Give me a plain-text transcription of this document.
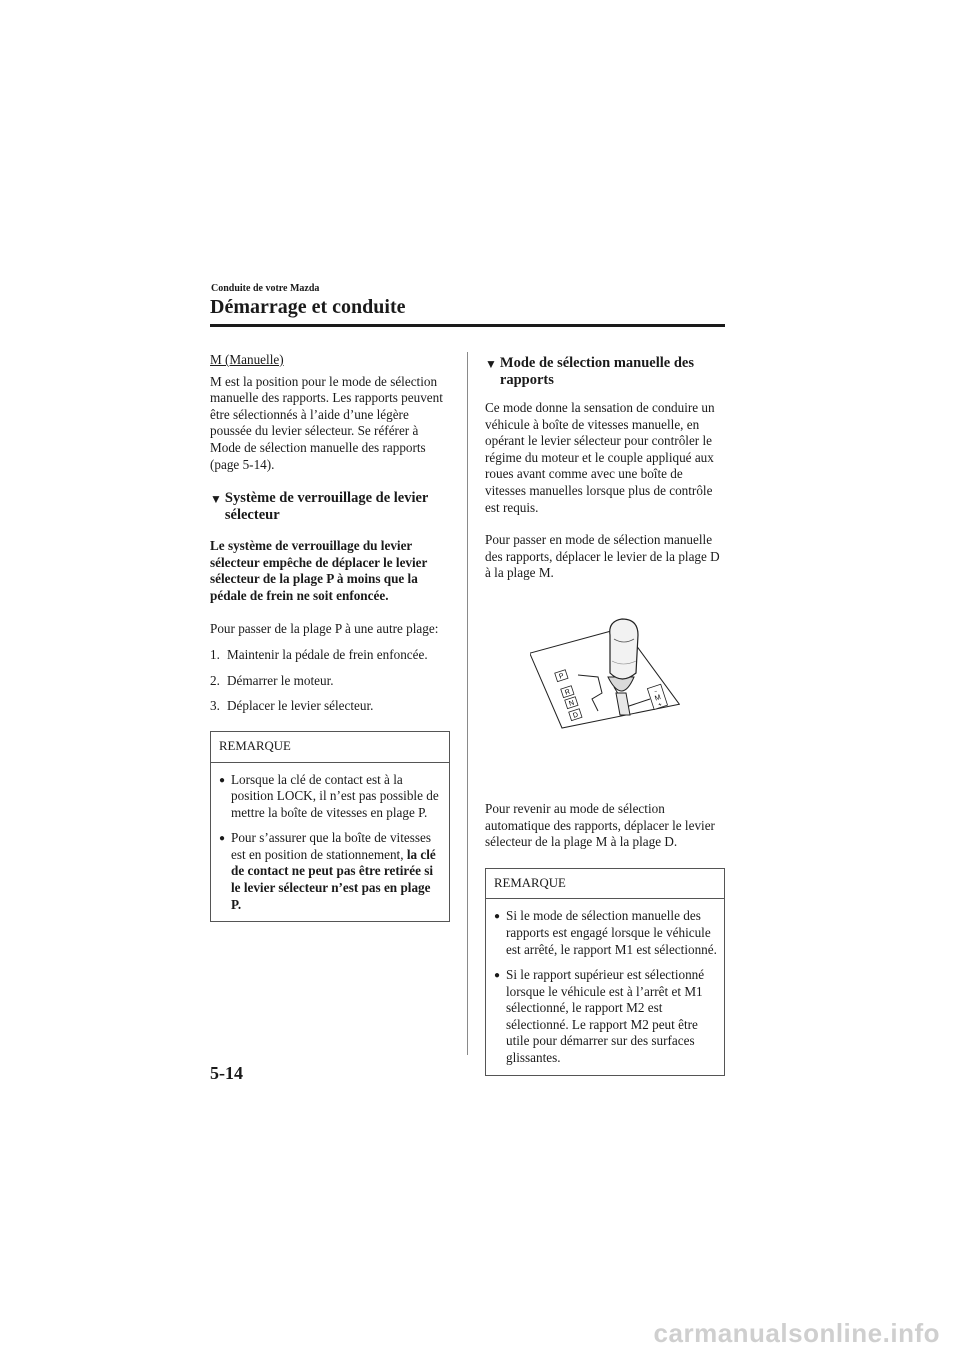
Conduite de votre Mazda
Démarrage et conduite
M (Manuelle)

M est la position pour le mode de sélection manuelle des rapports. Les rapports peuvent être sélectionnés à l’aide d’une légère poussée du levier sélecteur. Se référer à Mode de sélection manuelle des rapports (page 5-14).

▼ Système de verrouillage de levier sélecteur

Le système de verrouillage du levier sélecteur empêche de déplacer le levier sélecteur de la plage P à moins que la pédale de frein ne soit enfoncée.

Pour passer de la plage P à une autre plage:

1. Maintenir la pédale de frein enfoncée.
2. Démarrer le moteur.
3. Déplacer le levier sélecteur.
REMARQUE
● Lorsque la clé de contact est à la position LOCK, il n’est pas possible de mettre la boîte de vitesses en plage P.
● Pour s’assurer que la boîte de vitesses est en position de stationnement, la clé de contact ne peut pas être retirée si le levier sélecteur n’est pas en plage P.
▼ Mode de sélection manuelle des rapports

Ce mode donne la sensation de conduire un véhicule à boîte de vitesses manuelle, en opérant le levier sélecteur pour contrôler le régime du moteur et le couple appliqué aux roues avant comme avec une boîte de vitesses manuelles lorsque plus de contrôle est requis.

Pour passer en mode de sélection manuelle des rapports, déplacer le levier de la plage D à la plage M.

P
R
N
D
−
M
+

Pour revenir au mode de sélection automatique des rapports, déplacer le levier sélecteur de la plage M à la plage D.

REMARQUE
● Si le mode de sélection manuelle des rapports est engagé lorsque le véhicule est arrêté, le rapport M1 est sélectionné.
● Si le rapport supérieur est sélectionné lorsque le véhicule est à l’arrêt et M1 sélectionné, le rapport M2 est sélectionné. Le rapport M2 peut être utile pour démarrer sur des surfaces glissantes.
5-14
carmanualsonline.info
